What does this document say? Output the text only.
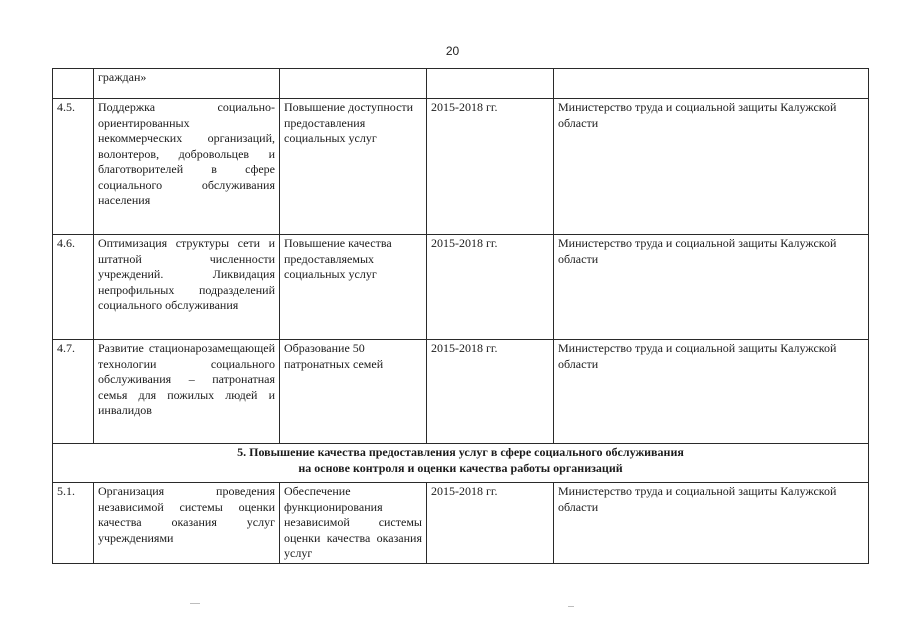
20
	граждан»			
4.5.	Поддержка социально-ориентированных некоммерческих организаций, волонтеров, добровольцев и благотворителей в сфере социального обслуживания населения	Повышение доступности предоставления социальных услуг	2015-2018 гг.	Министерство труда и социальной защиты Калужской области
4.6.	Оптимизация структуры сети и штатной численности учреждений. Ликвидация непрофильных подразделений социального обслуживания	Повышение качества предоставляемых социальных услуг	2015-2018 гг.	Министерство труда и социальной защиты Калужской области
4.7.	Развитие стационарозамещающей технологии социального обслуживания – патронатная семья для пожилых людей и инвалидов	Образование 50 патронатных семей	2015-2018 гг.	Министерство труда и социальной защиты Калужской области

5. Повышение качества предоставления услуг в сфере социального обслуживания
на основе контроля и оценки качества работы организаций				

5.1.	Организация проведения независимой системы оценки качества оказания услуг учреждениями	Обеспечение функционирования независимой системы оценки качества оказания услуг	2015-2018 гг.	Министерство труда и социальной защиты Калужской области
